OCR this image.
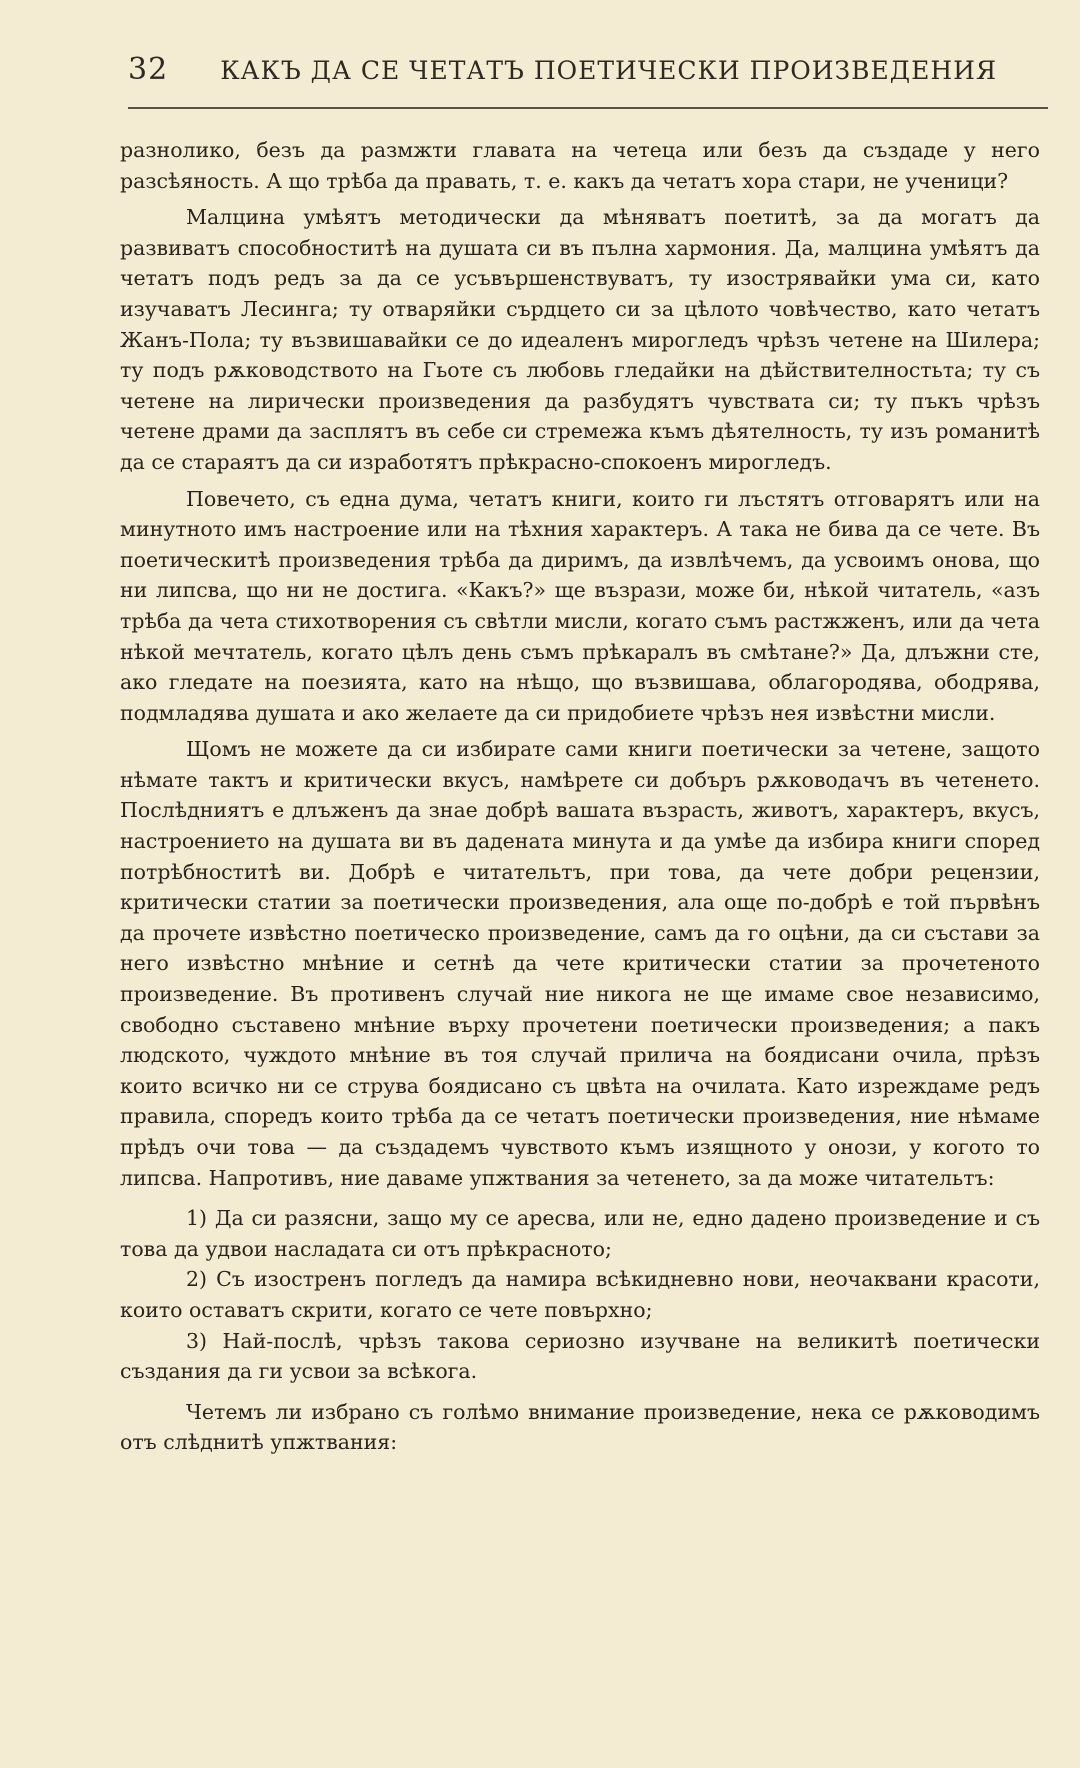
32 КАКЪ ДА СЕ ЧЕТАТЪ ПОЕТИЧЕСКИ ПРОИЗВЕДЕНИЯ

разнолико, безъ да размжти главата на четеца или безъ да създаде у него разсѣяность. А що трѣба да правать, т. е. какъ да четатъ хора стари, не ученици?

Малцина умѣятъ методически да мѣняватъ поетитѣ, за да могатъ да развиватъ способноститѣ на душата си въ пълна хармония. Да, малцина умѣятъ да четатъ подъ редъ за да се усъвършенствуватъ, ту изострявайки ума си, като изучаватъ Лесинга; ту отваряйки сърдцето си за цѣлото човѣчество, като четатъ Жанъ-Пола; ту възвишавайки се до идеаленъ мирогледъ чрѣзъ четене на Шилера; ту подъ рѫководството на Гьоте съ любовь гледайки на дѣйствителностьта; ту съ четене на лирически произведения да разбудятъ чувствата си; ту пъкъ чрѣзъ четене драми да засплятъ въ себе си стремежа къмъ дѣятелность, ту изъ романитѣ да се стараятъ да си изработятъ прѣкрасно-спокоенъ мирогледъ.

Повечето, съ една дума, четатъ книги, които ги лъстятъ отговарятъ или на минутното имъ настроение или на тѣхния характеръ. А така не бива да се чете. Въ поетическитѣ произведения трѣба да диримъ, да извлѣчемъ, да усвоимъ онова, що ни липсва, що ни не достига. «Какъ?» ще възрази, може би, нѣкой читатель, «азъ трѣба да чета стихотворения съ свѣтли мисли, когато съмъ растжженъ, или да чета нѣкой мечтатель, когато цѣлъ день съмъ прѣкаралъ въ смѣтане?» Да, длъжни сте, ако гледате на поезията, като на нѣщо, що възвишава, облагородява, ободрява, подмладява душата и ако желаете да си придобиете чрѣзъ нея извѣстни мисли.

Щомъ не можете да си избирате сами книги поетически за четене, защото нѣмате тактъ и критически вкусъ, намѣрете си добъръ рѫководачъ въ четенето. Послѣдниятъ е длъженъ да знае добрѣ вашата възрасть, животъ, характеръ, вкусъ, настроението на душата ви въ дадената минута и да умѣе да избира книги според потрѣбноститѣ ви. Добрѣ е читательтъ, при това, да чете добри рецензии, критически статии за поетически произведения, ала още по-добрѣ е той първѣнъ да прочете извѣстно поетическо произведение, самъ да го оцѣни, да си състави за него извѣстно мнѣние и сетнѣ да чете критически статии за прочетеното произведение. Въ противенъ случай ние никога не ще имаме свое независимо, свободно съставено мнѣние върху прочетени поетически произведения; а пакъ людското, чуждото мнѣние въ тоя случай прилича на боядисани очила, прѣзъ които всичко ни се струва боядисано съ цвѣта на очилата. Като изреждаме редъ правила, споредъ които трѣба да се четатъ поетически произведения, ние нѣмаме прѣдъ очи това — да създадемъ чувството къмъ изящното у онози, у когото то липсва. Напротивъ, ние даваме упжтвания за четенето, за да може читательтъ:

1) Да си разясни, защо му се арeсва, или не, едно дадено произведение и съ това да удвои наслaдата си отъ прѣкрасното;

2) Съ изостренъ погледъ да намира всѣкидневно нови, неочаквани красоти, които оставатъ скрити, когато се чете повърхно;

3) Най-послѣ, чрѣзъ такова сериозно изучване на великитѣ поетически създания да ги усвои за всѣкога.

Четемъ ли избрано съ голѣмо внимание произведение, нека се рѫководимъ отъ слѣднитѣ упжтвания:
